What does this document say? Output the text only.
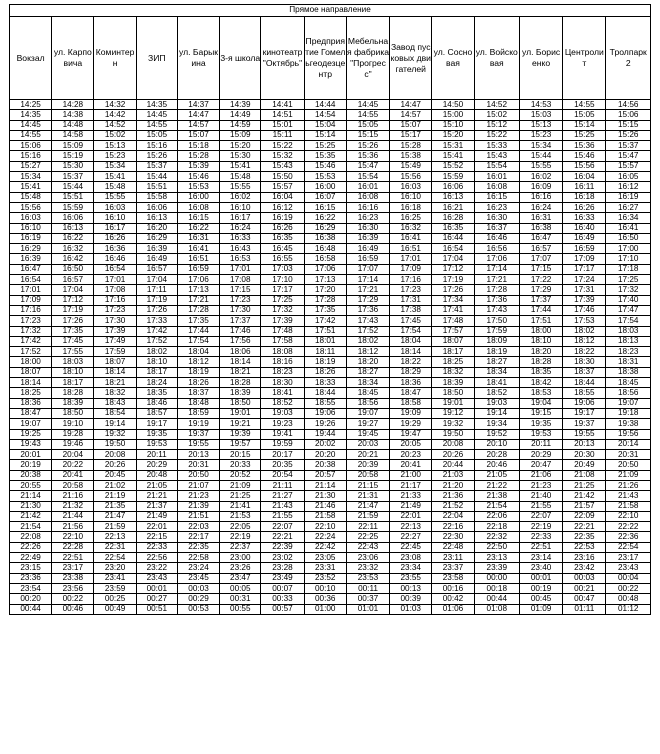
Прямое направление														
Вокзал	ул. Карповича	Коминтерн	ЗИП	ул. Барыкина	3-я школа	кинотеатр "Октябрь"	Предприятие Гомельгеодезцентр	Мебельная фабрика "Прогресс"	Завод пусковых двигателей	ул. Сосновая	ул. Войсковая	ул. Борисенко	Центролит	Тролпарк 2
14:25	14:28	14:32	14:35	14:37	14:39	14:41	14:44	14:45	14:47	14:50	14:52	14:53	14:55	14:56
14:35	14:38	14:42	14:45	14:47	14:49	14:51	14:54	14:55	14:57	15:00	15:02	15:03	15:05	15:06
14:45	14:48	14:52	14:55	14:57	14:59	15:01	15:04	15:05	15:07	15:10	15:12	15:13	15:14	15:15
14:55	14:58	15:02	15:05	15:07	15:09	15:11	15:14	15:15	15:17	15:20	15:22	15:23	15:25	15:26
15:06	15:09	15:13	15:16	15:18	15:20	15:22	15:25	15:26	15:28	15:31	15:33	15:34	15:36	15:37
15:16	15:19	15:23	15:26	15:28	15:30	15:32	15:35	15:36	15:38	15:41	15:43	15:44	15:46	15:47
15:27	15:30	15:34	15:37	15:39	15:41	15:43	15:46	15:47	15:49	15:52	15:54	15:55	15:56	15:57
15:34	15:37	15:41	15:44	15:46	15:48	15:50	15:53	15:54	15:56	15:59	16:01	16:02	16:04	16:05
15:41	15:44	15:48	15:51	15:53	15:55	15:57	16:00	16:01	16:03	16:06	16:08	16:09	16:11	16:12
15:48	15:51	15:55	15:58	16:00	16:02	16:04	16:07	16:08	16:10	16:13	16:15	16:16	16:18	16:19
15:56	15:59	16:03	16:06	16:08	16:10	16:12	16:15	16:16	16:18	16:21	16:23	16:24	16:26	16:27
16:03	16:06	16:10	16:13	16:15	16:17	16:19	16:22	16:23	16:25	16:28	16:30	16:31	16:33	16:34
16:10	16:13	16:17	16:20	16:22	16:24	16:26	16:29	16:30	16:32	16:35	16:37	16:38	16:40	16:41
16:19	16:22	16:26	16:29	16:31	16:33	16:35	16:38	16:39	16:41	16:44	16:46	16:47	16:49	16:50
16:29	16:32	16:36	16:39	16:41	16:43	16:45	16:48	16:49	16:51	16:54	16:56	16:57	16:59	17:00
16:39	16:42	16:46	16:49	16:51	16:53	16:55	16:58	16:59	17:01	17:04	17:06	17:07	17:09	17:10
16:47	16:50	16:54	16:57	16:59	17:01	17:03	17:06	17:07	17:09	17:12	17:14	17:15	17:17	17:18
16:54	16:57	17:01	17:04	17:06	17:08	17:10	17:13	17:14	17:16	17:19	17:21	17:22	17:24	17:25
17:01	17:04	17:08	17:11	17:13	17:15	17:17	17:20	17:21	17:23	17:26	17:28	17:29	17:31	17:32
17:09	17:12	17:16	17:19	17:21	17:23	17:25	17:28	17:29	17:31	17:34	17:36	17:37	17:39	17:40
17:16	17:19	17:23	17:26	17:28	17:30	17:32	17:35	17:36	17:38	17:41	17:43	17:44	17:46	17:47
17:23	17:26	17:30	17:33	17:35	17:37	17:39	17:42	17:43	17:45	17:48	17:50	17:51	17:53	17:54
17:32	17:35	17:39	17:42	17:44	17:46	17:48	17:51	17:52	17:54	17:57	17:59	18:00	18:02	18:03
17:42	17:45	17:49	17:52	17:54	17:56	17:58	18:01	18:02	18:04	18:07	18:09	18:10	18:12	18:13
17:52	17:55	17:59	18:02	18:04	18:06	18:08	18:11	18:12	18:14	18:17	18:19	18:20	18:22	18:23
18:00	18:03	18:07	18:10	18:12	18:14	18:16	18:19	18:20	18:22	18:25	18:27	18:28	18:30	18:31
18:07	18:10	18:14	18:17	18:19	18:21	18:23	18:26	18:27	18:29	18:32	18:34	18:35	18:37	18:38
18:14	18:17	18:21	18:24	18:26	18:28	18:30	18:33	18:34	18:36	18:39	18:41	18:42	18:44	18:45
18:25	18:28	18:32	18:35	18:37	18:39	18:41	18:44	18:45	18:47	18:50	18:52	18:53	18:55	18:56
18:36	18:39	18:43	18:46	18:48	18:50	18:52	18:55	18:56	18:58	19:01	19:03	19:04	19:06	19:07
18:47	18:50	18:54	18:57	18:59	19:01	19:03	19:06	19:07	19:09	19:12	19:14	19:15	19:17	19:18
19:07	19:10	19:14	19:17	19:19	19:21	19:23	19:26	19:27	19:29	19:32	19:34	19:35	19:37	19:38
19:25	19:28	19:32	19:35	19:37	19:39	19:41	19:44	19:45	19:47	19:50	19:52	19:53	19:55	19:56
19:43	19:46	19:50	19:53	19:55	19:57	19:59	20:02	20:03	20:05	20:08	20:10	20:11	20:13	20:14
20:01	20:04	20:08	20:11	20:13	20:15	20:17	20:20	20:21	20:23	20:26	20:28	20:29	20:30	20:31
20:19	20:22	20:26	20:29	20:31	20:33	20:35	20:38	20:39	20:41	20:44	20:46	20:47	20:49	20:50
20:38	20:41	20:45	20:48	20:50	20:52	20:54	20:57	20:58	21:00	21:03	21:05	21:06	21:08	21:09
20:55	20:58	21:02	21:05	21:07	21:09	21:11	21:14	21:15	21:17	21:20	21:22	21:23	21:25	21:26
21:14	21:16	21:19	21:21	21:23	21:25	21:27	21:30	21:31	21:33	21:36	21:38	21:40	21:42	21:43
21:30	21:32	21:35	21:37	21:39	21:41	21:43	21:46	21:47	21:49	21:52	21:54	21:55	21:57	21:58
21:42	21:44	21:47	21:49	21:51	21:53	21:55	21:58	21:59	22:01	22:04	22:06	22:07	22:09	22:10
21:54	21:56	21:59	22:01	22:03	22:05	22:07	22:10	22:11	22:13	22:16	22:18	22:19	22:21	22:22
22:08	22:10	22:13	22:15	22:17	22:19	22:21	22:24	22:25	22:27	22:30	22:32	22:33	22:35	22:36
22:26	22:28	22:31	22:33	22:35	22:37	22:39	22:42	22:43	22:45	22:48	22:50	22:51	22:53	22:54
22:49	22:51	22:54	22:56	22:58	23:00	23:02	23:05	23:06	23:08	23:11	23:13	23:14	23:16	23:17
23:15	23:17	23:20	23:22	23:24	23:26	23:28	23:31	23:32	23:34	23:37	23:39	23:40	23:42	23:43
23:36	23:38	23:41	23:43	23:45	23:47	23:49	23:52	23:53	23:55	23:58	00:00	00:01	00:03	00:04
23:54	23:56	23:59	00:01	00:03	00:05	00:07	00:10	00:11	00:13	00:16	00:18	00:19	00:21	00:22
00:20	00:22	00:25	00:27	00:29	00:31	00:33	00:36	00:37	00:39	00:42	00:44	00:45	00:47	00:48
00:44	00:46	00:49	00:51	00:53	00:55	00:57	01:00	01:01	01:03	01:06	01:08	01:09	01:11	01:12
